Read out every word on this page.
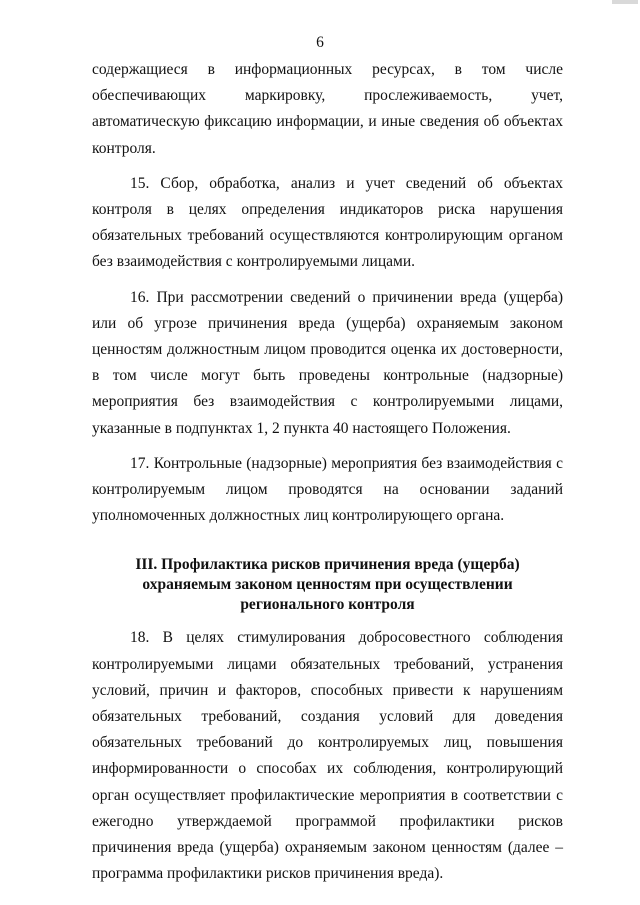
6

содержащиеся в информационных ресурсах, в том числе обеспечивающих маркировку, прослеживаемость, учет, автоматическую фиксацию информации, и иные сведения об объектах контроля.

15. Сбор, обработка, анализ и учет сведений об объектах контроля в целях определения индикаторов риска нарушения обязательных требований осуществляются контролирующим органом без взаимодействия с контролируемыми лицами.

16. При рассмотрении сведений о причинении вреда (ущерба) или об угрозе причинения вреда (ущерба) охраняемым законом ценностям должностным лицом проводится оценка их достоверности, в том числе могут быть проведены контрольные (надзорные) мероприятия без взаимодействия с контролируемыми лицами, указанные в подпунктах 1, 2 пункта 40 настоящего Положения.

17. Контрольные (надзорные) мероприятия без взаимодействия с контролируемым лицом проводятся на основании заданий уполномоченных должностных лиц контролирующего органа.

III. Профилактика рисков причинения вреда (ущерба)
охраняемым законом ценностям при осуществлении
регионального контроля

18. В целях стимулирования добросовестного соблюдения контролируемыми лицами обязательных требований, устранения условий, причин и факторов, способных привести к нарушениям обязательных требований, создания условий для доведения обязательных требований до контролируемых лиц, повышения информированности о способах их соблюдения, контролирующий орган осуществляет профилактические мероприятия в соответствии с ежегодно утверждаемой программой профилактики рисков причинения вреда (ущерба) охраняемым законом ценностям (далее – программа профилактики рисков причинения вреда).
